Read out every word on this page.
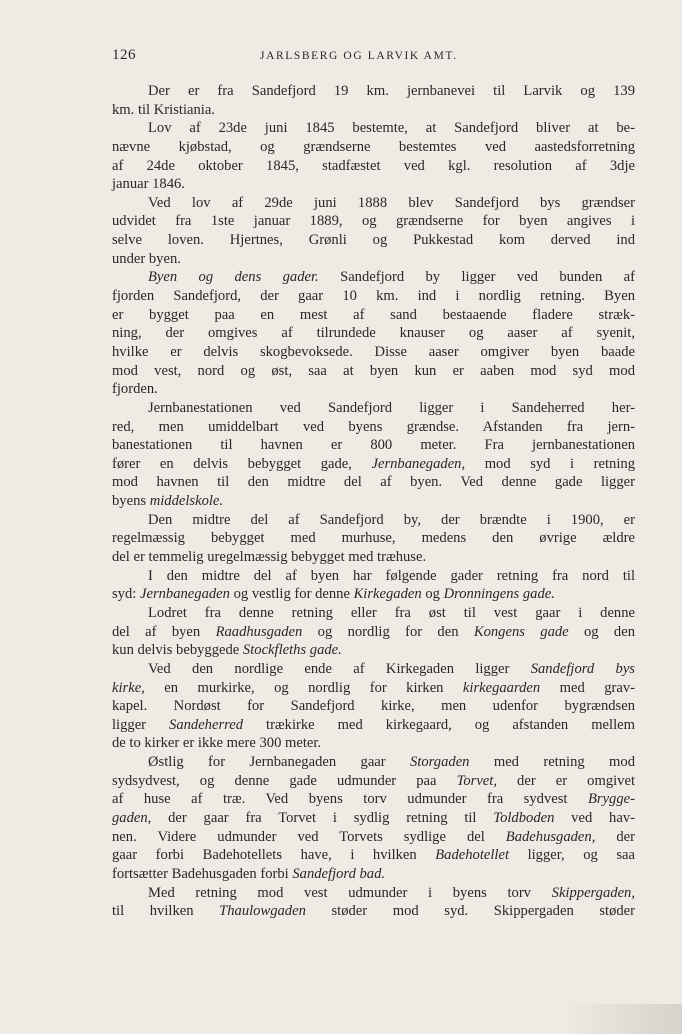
126	JARLSBERG OG LARVIK AMT.
Der er fra Sandefjord 19 km. jernbanevei til Larvik og 139
km. til Kristiania.
Lov af 23de juni 1845 bestemte, at Sandefjord bliver at be-
nævne kjøbstad, og grændserne bestemtes ved aastedsforretning
af 24de oktober 1845, stadfæstet ved kgl. resolution af 3dje
januar 1846.
Ved lov af 29de juni 1888 blev Sandefjord bys grændser
udvidet fra 1ste januar 1889, og grændserne for byen angives i
selve loven. Hjertnes, Grønli og Pukkestad kom derved ind
under byen.
Byen og dens gader. Sandefjord by ligger ved bunden af
fjorden Sandefjord, der gaar 10 km. ind i nordlig retning. Byen
er bygget paa en mest af sand bestaaende fladere stræk-
ning, der omgives af tilrundede knauser og aaser af syenit,
hvilke er delvis skogbevoksede. Disse aaser omgiver byen baade
mod vest, nord og øst, saa at byen kun er aaben mod syd mod
fjorden.
Jernbanestationen ved Sandefjord ligger i Sandeherred her-
red, men umiddelbart ved byens grændse. Afstanden fra jern-
banestationen til havnen er 800 meter. Fra jernbanestationen
fører en delvis bebygget gade, Jernbanegaden, mod syd i retning
mod havnen til den midtre del af byen. Ved denne gade ligger
byens middelskole.
Den midtre del af Sandefjord by, der brændte i 1900, er
regelmæssig bebygget med murhuse, medens den øvrige ældre
del er temmelig uregelmæssig bebygget med træhuse.
I den midtre del af byen har følgende gader retning fra nord til
syd: Jernbanegaden og vestlig for denne Kirkegaden og Dronningens gade.
Lodret fra denne retning eller fra øst til vest gaar i denne
del af byen Raadhusgaden og nordlig for den Kongens gade og den
kun delvis bebyggede Stockfleths gade.
Ved den nordlige ende af Kirkegaden ligger Sandefjord bys
kirke, en murkirke, og nordlig for kirken kirkegaarden med grav-
kapel. Nordøst for Sandefjord kirke, men udenfor bygrændsen
ligger Sandeherred trækirke med kirkegaard, og afstanden mellem
de to kirker er ikke mere 300 meter.
Østlig for Jernbanegaden gaar Storgaden med retning mod
sydsydvest, og denne gade udmunder paa Torvet, der er omgivet
af huse af træ. Ved byens torv udmunder fra sydvest Brygge-
gaden, der gaar fra Torvet i sydlig retning til Toldboden ved hav-
nen. Videre udmunder ved Torvets sydlige del Badehusgaden, der
gaar forbi Badehotellets have, i hvilken Badehotellet ligger, og saa
fortsætter Badehusgaden forbi Sandefjord bad.
Med retning mod vest udmunder i byens torv Skippergaden,
til hvilken Thaulowgaden støder mod syd. Skippergaden støder
